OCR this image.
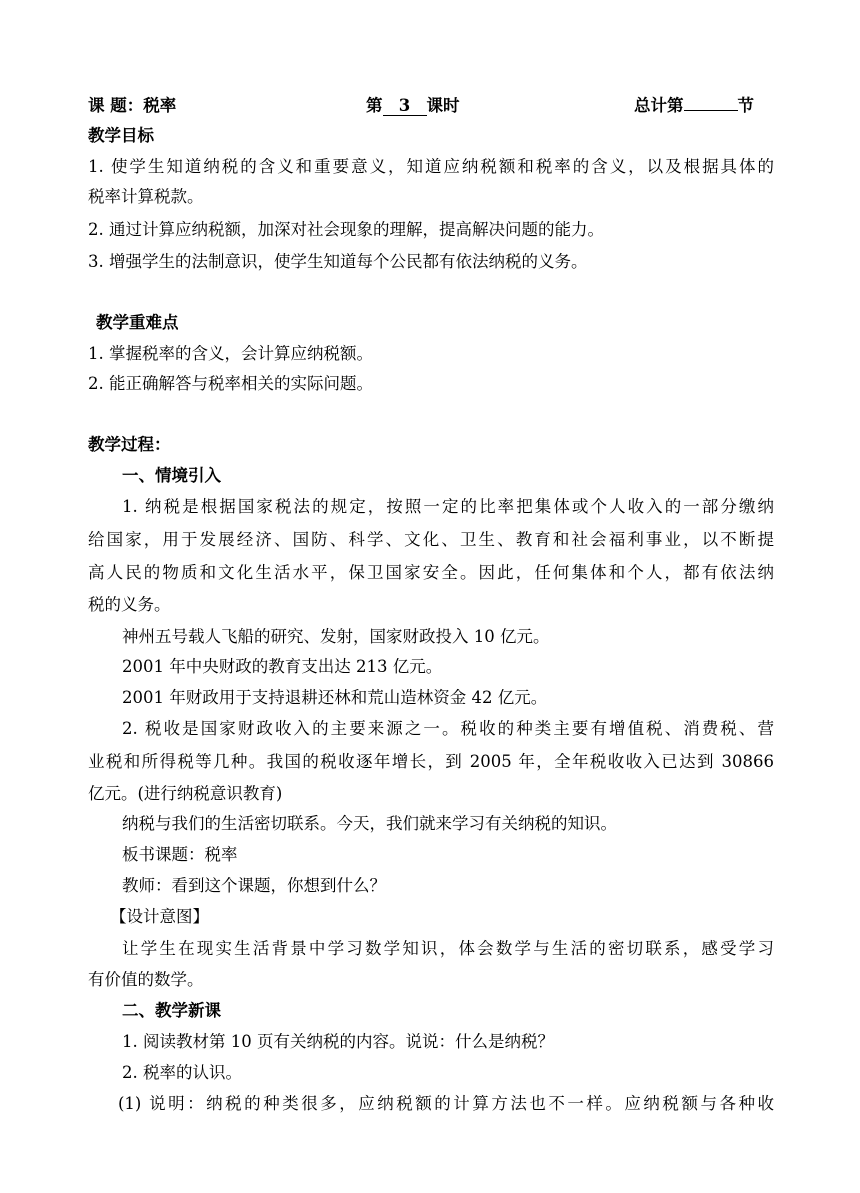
课 题：税率	第 3 课时	总计第	节
教学目标
1. 使学生知道纳税的含义和重要意义，知道应纳税额和税率的含义，以及根据具体的
税率计算税款。
2. 通过计算应纳税额，加深对社会现象的理解，提高解决问题的能力。
3. 增强学生的法制意识，使学生知道每个公民都有依法纳税的义务。
教学重难点
1. 掌握税率的含义，会计算应纳税额。
2. 能正确解答与税率相关的实际问题。
教学过程：
一、情境引入
1. 纳税是根据国家税法的规定，按照一定的比率把集体或个人收入的一部分缴纳
给国家，用于发展经济、国防、科学、文化、卫生、教育和社会福利事业，以不断提
高人民的物质和文化生活水平，保卫国家安全。因此，任何集体和个人，都有依法纳
税的义务。
神州五号载人飞船的研究、发射，国家财政投入 10 亿元。
2001 年中央财政的教育支出达 213 亿元。
2001 年财政用于支持退耕还林和荒山造林资金 42 亿元。
2. 税收是国家财政收入的主要来源之一。税收的种类主要有增值税、消费税、营
业税和所得税等几种。我国的税收逐年增长，到 2005 年，全年税收收入已达到 30866
亿元。(进行纳税意识教育)
纳税与我们的生活密切联系。今天，我们就来学习有关纳税的知识。
板书课题：税率
教师：看到这个课题，你想到什么？
【设计意图】
让学生在现实生活背景中学习数学知识，体会数学与生活的密切联系，感受学习
有价值的数学。
二、教学新课
1. 阅读教材第 10 页有关纳税的内容。说说：什么是纳税？
2. 税率的认识。
(1) 说明：纳税的种类很多，应纳税额的计算方法也不一样。应纳税额与各种收
